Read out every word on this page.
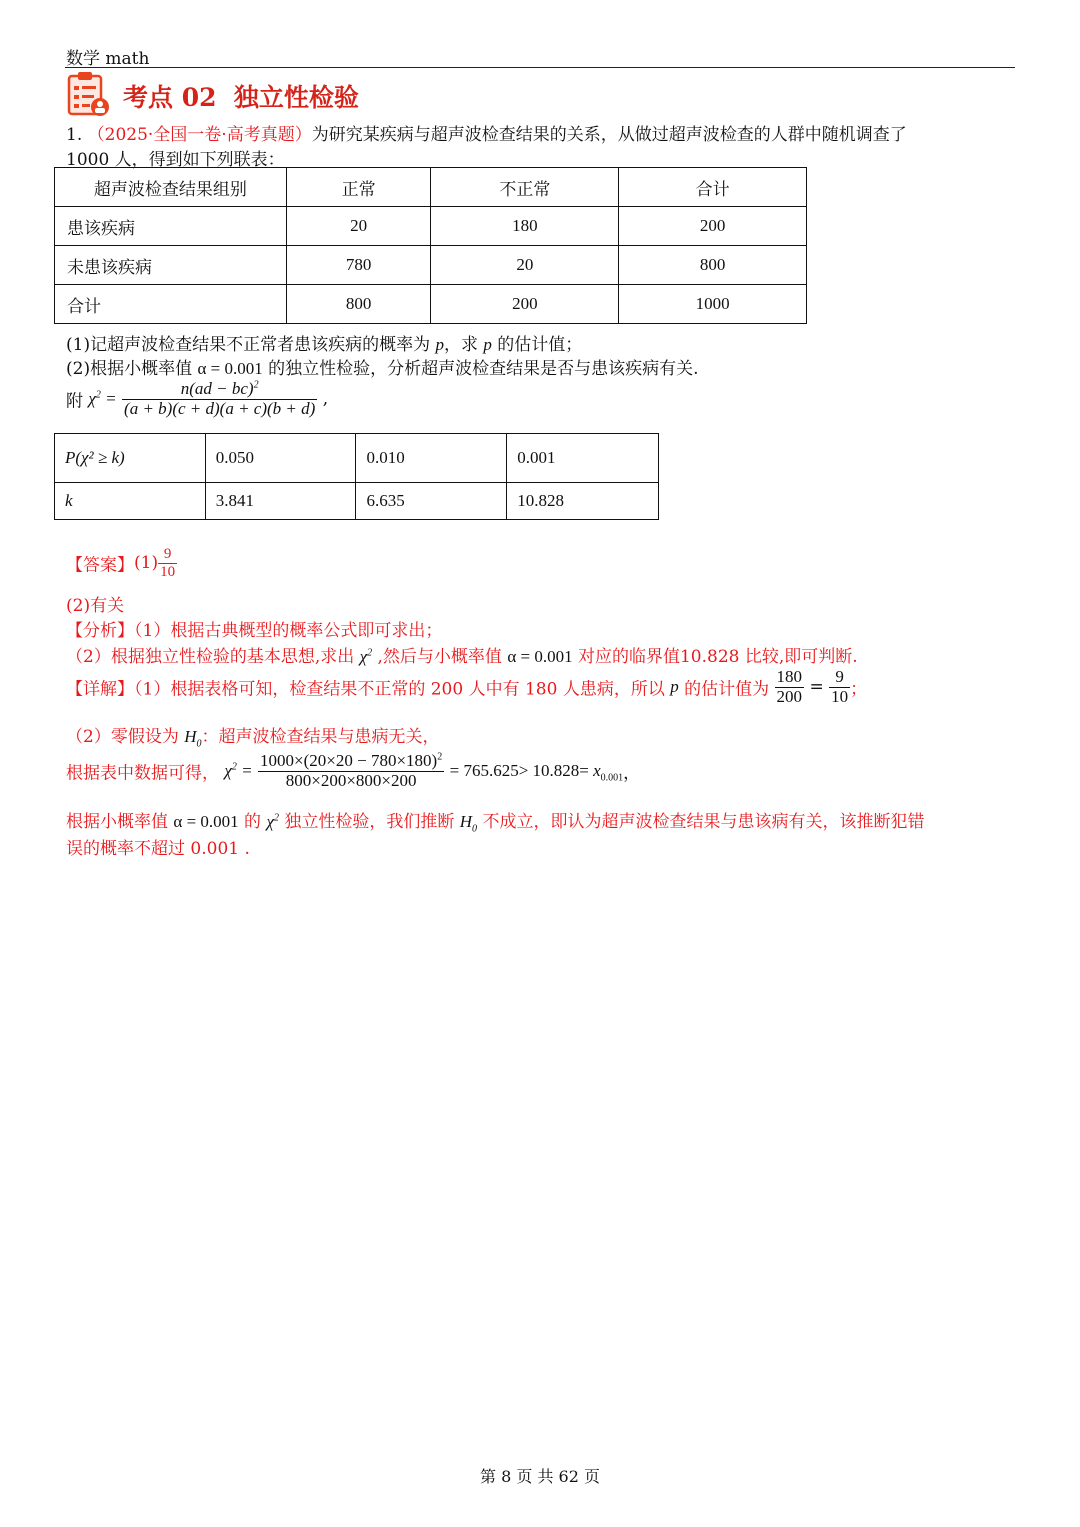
数学 math
考点 02  独立性检验
1. （2025·全国一卷·高考真题）为研究某疾病与超声波检查结果的关系，从做过超声波检查的人群中随机调查了
1000 人，得到如下列联表：
超声波检查结果组别	正常	不正常	合计
患该疾病	20	180	200
未患该疾病	780	20	800
合计	800	200	1000
(1)记超声波检查结果不正常者患该疾病的概率为 p，求 p 的估计值；
(2)根据小概率值 α = 0.001 的独立性检验，分析超声波检查结果是否与患该疾病有关.
附 $\chi^2 = \frac{n(ad - bc)^2}{(a + b)(c + d)(a + c)(b + d)}$ ,
P(χ² ≥ k)	0.050	0.010	0.001
k	3.841	6.635	10.828
【答案】$(1) \frac{9}{10}$
(2)有关
【分析】（1）根据古典概型的概率公式即可求出；
（2）根据独立性检验的基本思想,求出 $\chi^2$ ,然后与小概率值 α = 0.001 对应的临界值10.828 比较,即可判断.
【详解】（1）根据表格可知，检查结果不正常的 200 人中有 180 人患病，所以 p 的估计值为 $\frac{180}{200} = \frac{9}{10}$ ；
（2）零假设为 $H_0$：超声波检查结果与患病无关，
根据表中数据可得， $\chi^2 = \frac{1000\times(20\times 20 - 780\times 180)^2}{800\times 200\times 800\times 200} = 765.625> 10.828= x_{0.001}$，
根据小概率值 α = 0.001 的 $\chi^2$ 独立性检验，我们推断 $H_0$ 不成立，即认为超声波检查结果与患该病有关，该推断犯错
误的概率不超过 0.001 .
第 8 页 共 62 页
